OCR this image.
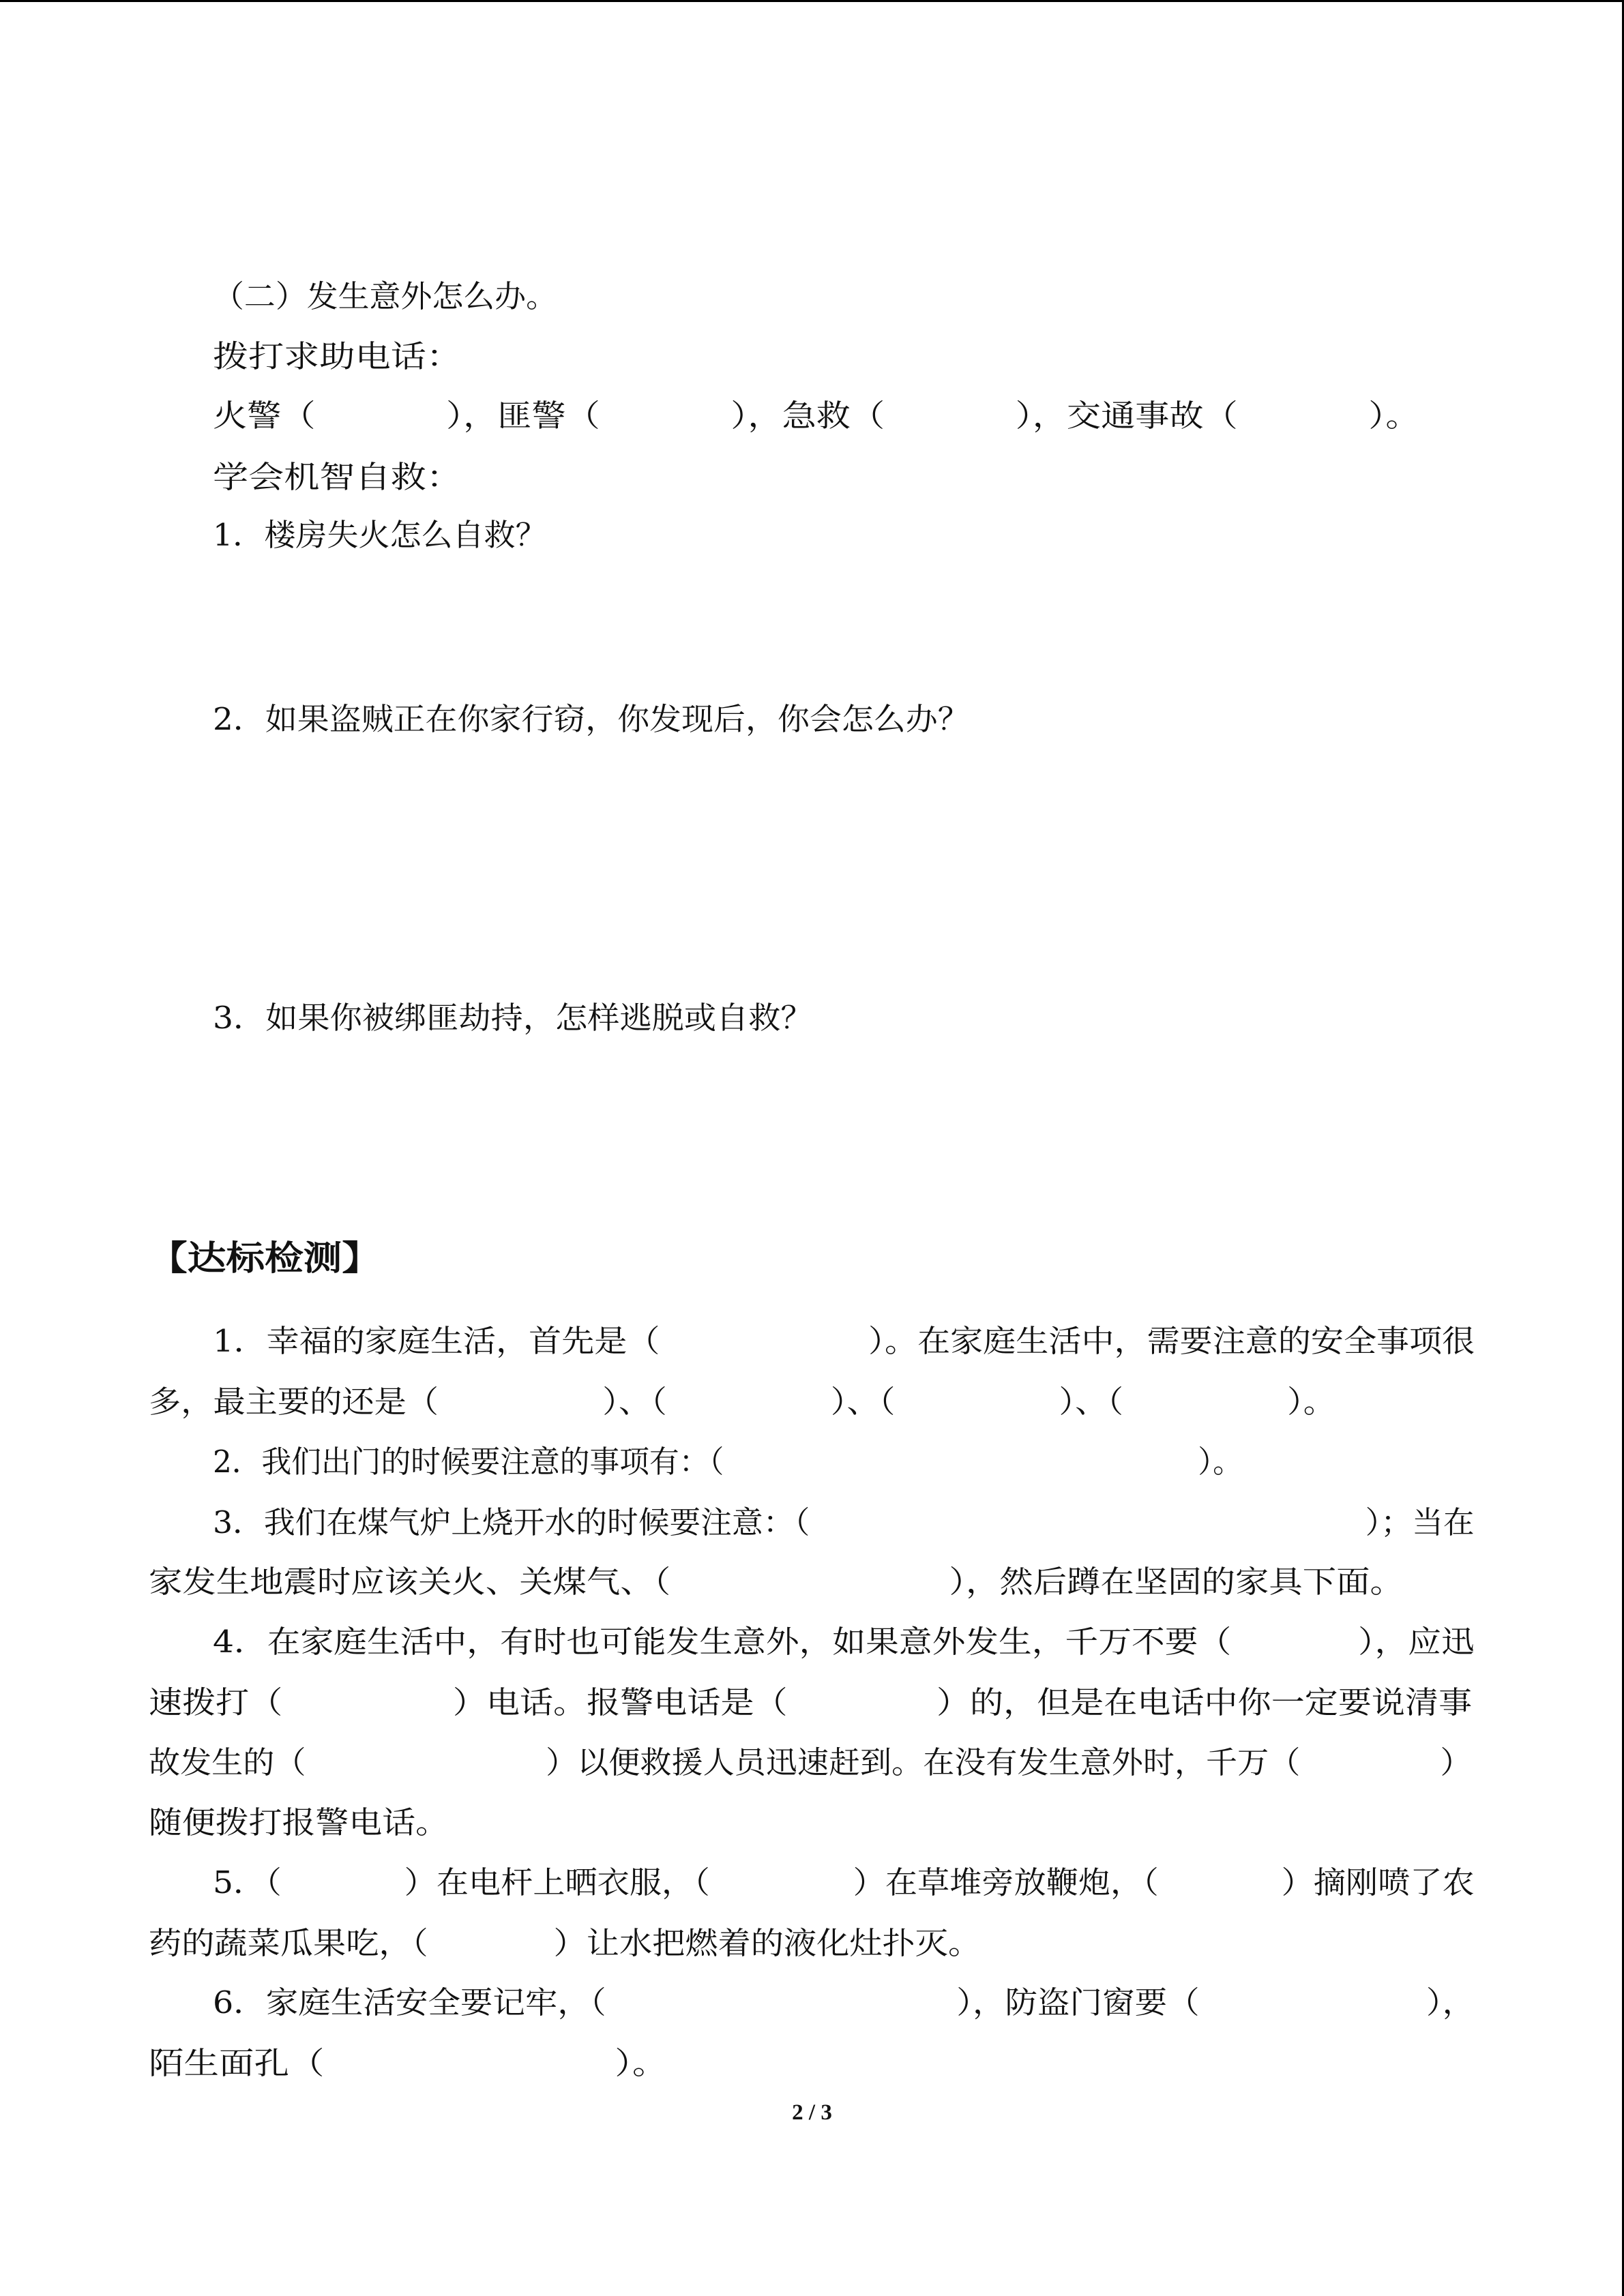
（二）发生意外怎么办。

拨打求助电话：

火警（            ），匪警（            ），急救（            ），交通事故（            ）。

学会机智自救：

1．楼房失火怎么自救？

2．如果盗贼正在你家行窃，你发现后，你会怎么办？

3．如果你被绑匪劫持，怎样逃脱或自救？

【达标检测】

1．幸福的家庭生活，首先是（                    ）。在家庭生活中，需要注意的安全事项很

多，最主要的还是（                ）、（                ）、（                ）、（                ）。

2．我们出门的时候要注意的事项有：（                                                  ）。

3．我们在煤气炉上烧开水的时候要注意：（                                                        ）；当在

家发生地震时应该关火、关煤气、（                          ），然后蹲在坚固的家具下面。

4．在家庭生活中，有时也可能发生意外，如果意外发生，千万不要（            ），应迅

速拨打（                ）电话。报警电话是（              ）的，但是在电话中你一定要说清事

故发生的（                        ）以便救援人员迅速赶到。在没有发生意外时，千万（              ）

随便拨打报警电话。

5．（            ）在电杆上晒衣服，（              ）在草堆旁放鞭炮，（            ）摘刚喷了农

药的蔬菜瓜果吃，（            ）让水把燃着的液化灶扑灭。

6．家庭生活安全要记牢，（                                  ），防盗门窗要（                      ），

陌生面孔（                          ）。

2 / 3
